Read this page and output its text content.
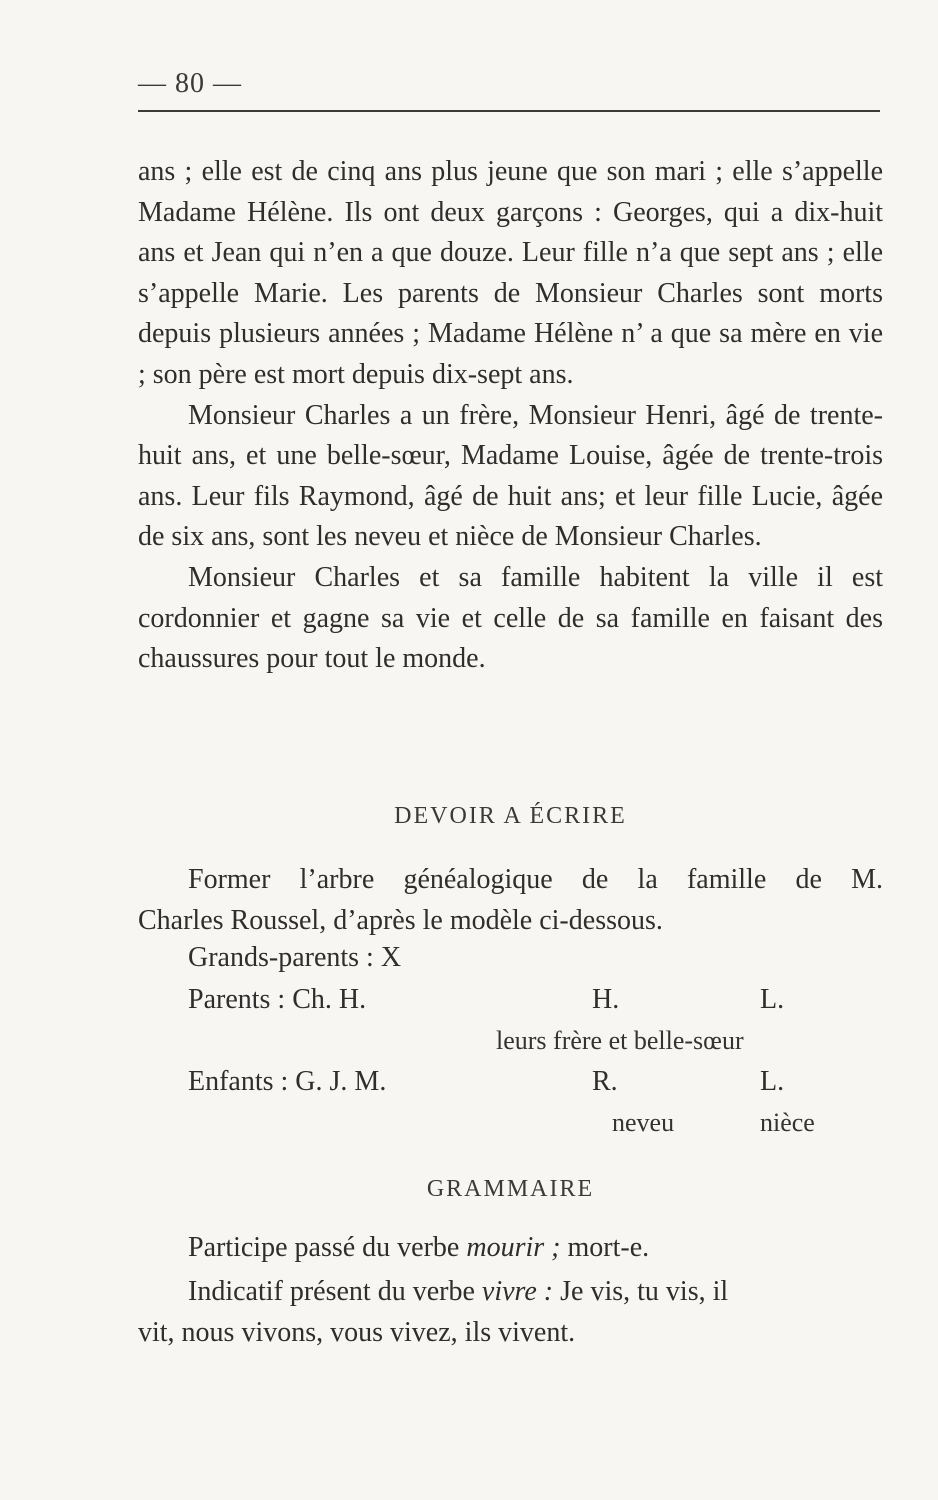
— 80 —

ans ; elle est de cinq ans plus jeune que son mari ; elle s’appelle Madame Hélène. Ils ont deux garçons : Georges, qui a dix-huit ans et Jean qui n’en a que douze. Leur fille n’a que sept ans ; elle s’appelle Marie. Les parents de Monsieur Charles sont morts depuis plusieurs années ; Madame Hélène n’ a que sa mère en vie ; son père est mort depuis dix-sept ans.

Monsieur Charles a un frère, Monsieur Henri, âgé de trente-huit ans, et une belle-sœur, Madame Louise, âgée de trente-trois ans. Leur fils Raymond, âgé de huit ans; et leur fille Lucie, âgée de six ans, sont les neveu et nièce de Monsieur Charles.

Monsieur Charles et sa famille habitent la ville il est cordonnier et gagne sa vie et celle de sa famille en faisant des chaussures pour tout le monde.

DEVOIR A ÉCRIRE

Former l’arbre généalogique de la famille de M.

Charles Roussel, d’après le modèle ci-dessous.

Grands-parents : X
Parents : Ch. H.	H.	L.
leurs frère et belle-sœur
Enfants : G. J. M.	R.	L.
neveu	nièce
GRAMMAIRE
Participe passé du verbe mourir ; mort-e.
Indicatif présent du verbe vivre : Je vis, tu vis, il
vit, nous vivons, vous vivez, ils vivent.
